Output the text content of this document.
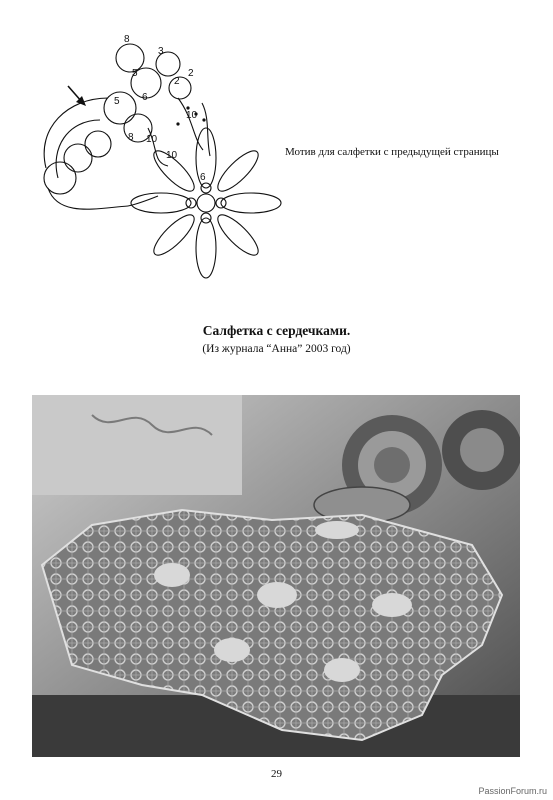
8
3
5
6
5
8 10
10
10
2
2
6
Мотив для салфетки с предыдущей страницы
Салфетка с сердечками.
(Из журнала “Анна” 2003 год)
29
PassionForum.ru
